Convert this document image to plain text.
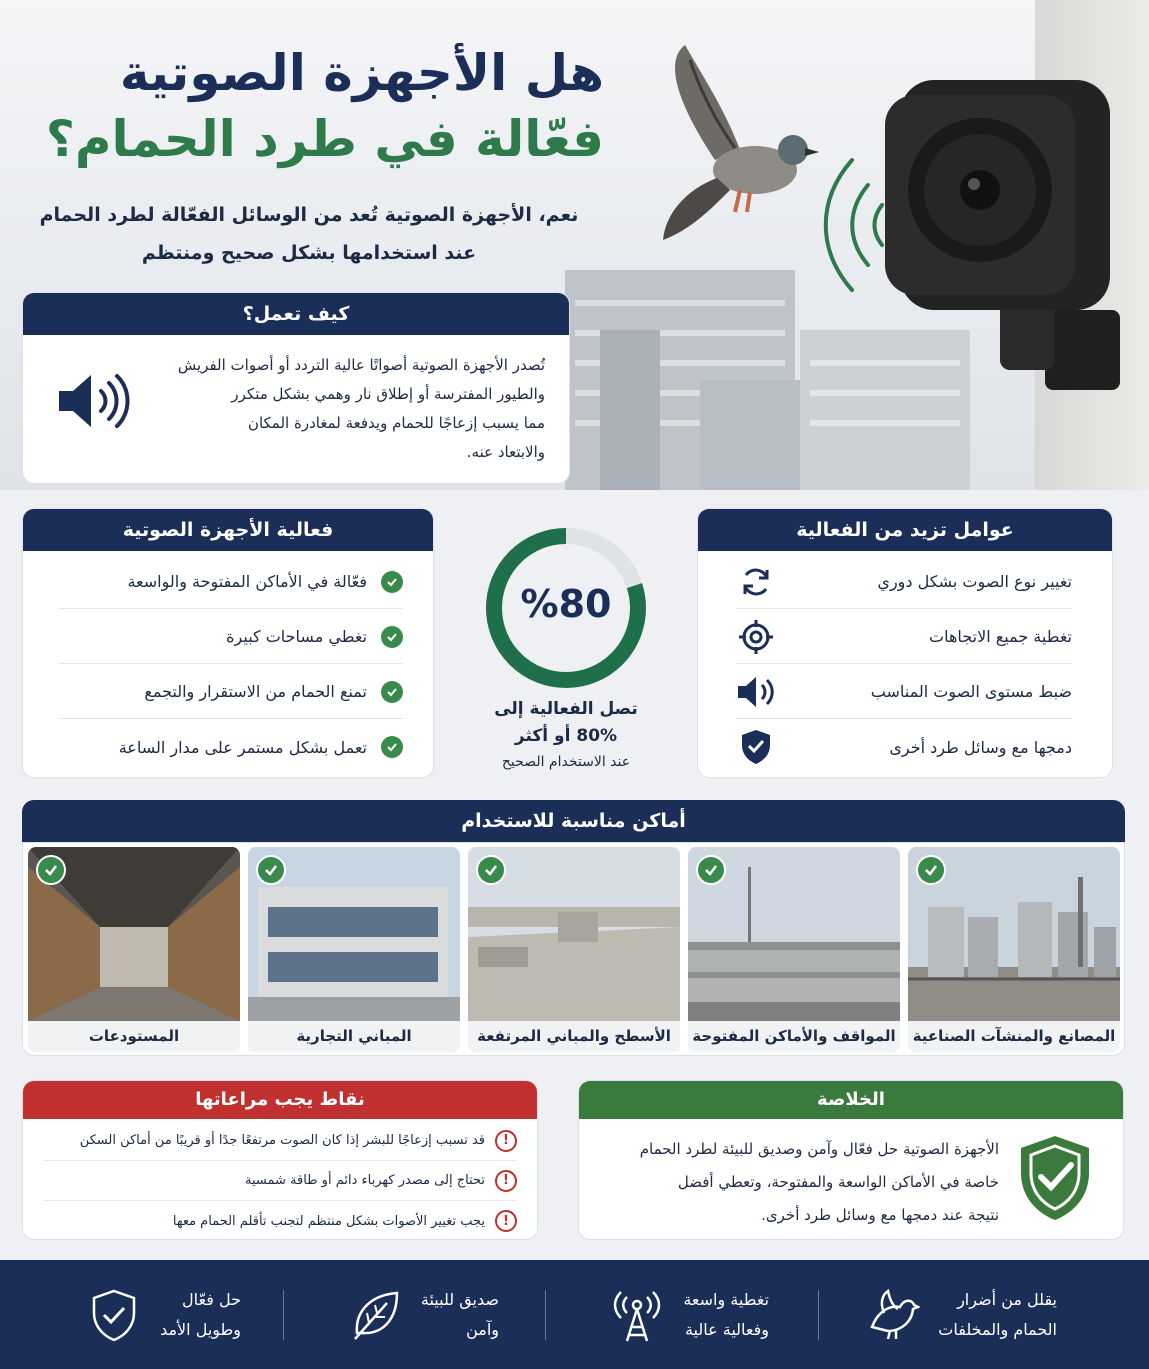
هل الأجهزة الصوتية
فعّالة في طرد الحمام؟
نعم، الأجهزة الصوتية تُعد من الوسائل الفعّالة لطرد الحمام
عند استخدامها بشكل صحيح ومنتظم
كيف تعمل؟
تُصدر الأجهزة الصوتية أصواتًا عالية التردد أو أصوات الفريش
والطيور المفترسة أو إطلاق نار وهمي بشكل متكرر
مما يسبب إزعاجًا للحمام ويدفعة لمغادرة المكان
والابتعاد عنه.
فعالية الأجهزة الصوتية
فعّالة في الأماكن المفتوحة والواسعة
تغطي مساحات كبيرة
تمنع الحمام من الاستقرار والتجمع
تعمل بشكل مستمر على مدار الساعة
%80
تصل الفعالية إلى
80% أو أكثر
عند الاستخدام الصحيح
عوامل تزيد من الفعالية
تغيير نوع الصوت بشكل دوري
تغطية جميع الاتجاهات
ضبط مستوى الصوت المناسب
دمجها مع وسائل طرد أخرى
أماكن مناسبة للاستخدام
المصانع والمنشآت الصناعية
المواقف والأماكن المفتوحة
الأسطح والمباني المرتفعة
المباني التجارية
المستودعات
الخلاصة
الأجهزة الصوتية حل فعّال وآمن وصديق للبيئة لطرد الحمام
خاصة في الأماكن الواسعة والمفتوحة، وتعطي أفضل
نتيجة عند دمجها مع وسائل طرد أخرى.
نقاط يجب مراعاتها
!
قد تسبب إزعاجًا للبشر إذا كان الصوت مرتفعًا جدًا أو قريبًا من أماكن السكن
!
تحتاج إلى مصدر كهرباء دائم أو طاقة شمسية
!
يجب تغيير الأصوات بشكل منتظم لتجنب تأقلم الحمام معها
يقلل من أضرار
الحمام والمخلفات
تغطية واسعة
وفعالية عالية
صديق للبيئة
وآمن
حل فعّال
وطويل الأمد
